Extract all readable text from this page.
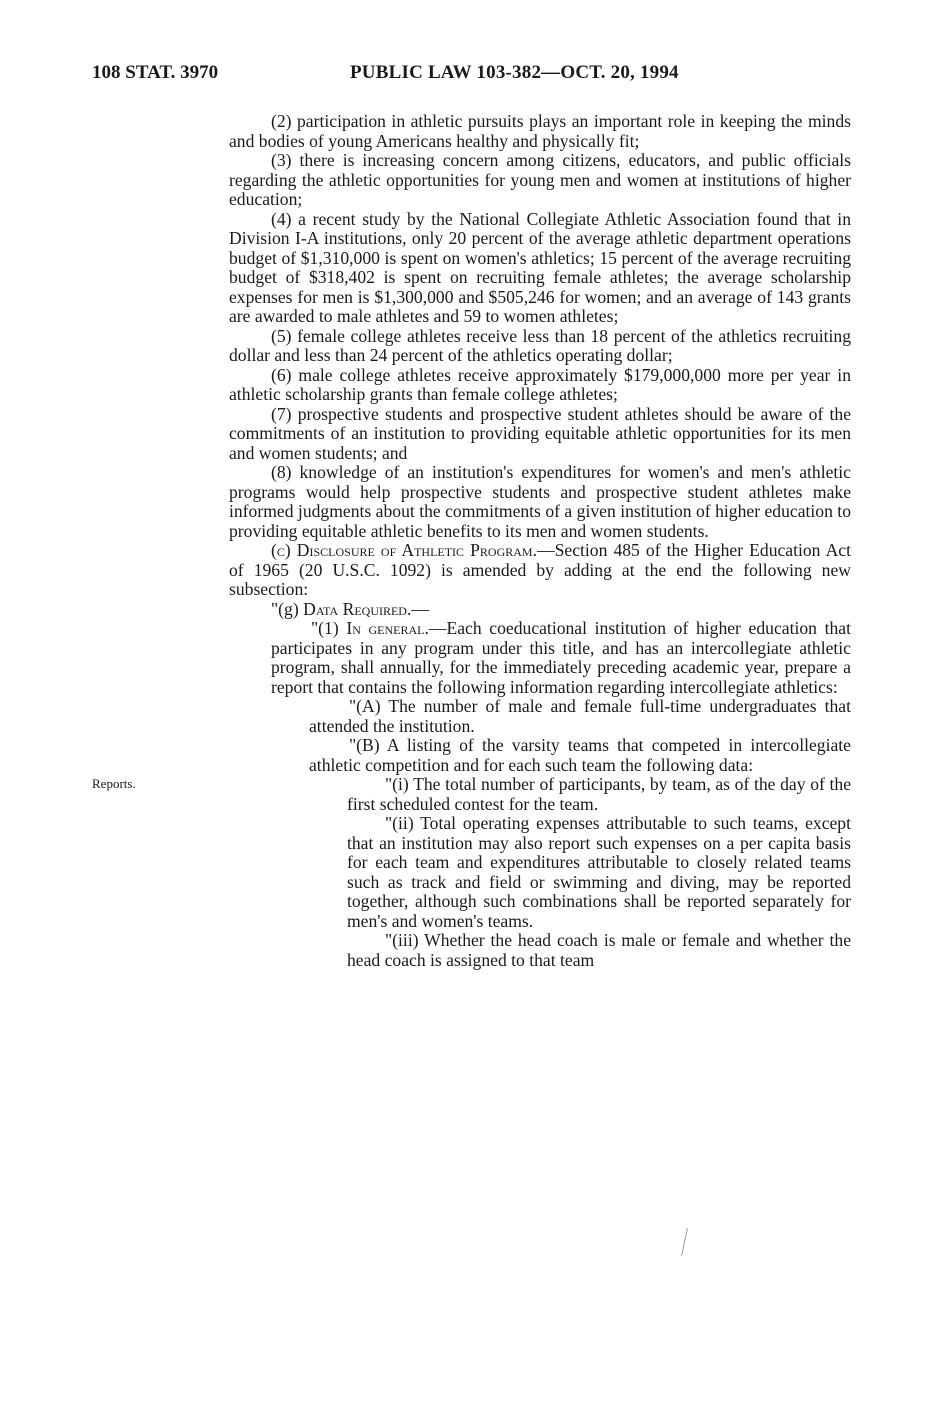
108 STAT. 3970	PUBLIC LAW 103-382—OCT. 20, 1994
Reports.

(2) participation in athletic pursuits plays an important role in keeping the minds and bodies of young Americans healthy and physically fit;

(3) there is increasing concern among citizens, educators, and public officials regarding the athletic opportunities for young men and women at institutions of higher education;

(4) a recent study by the National Collegiate Athletic Association found that in Division I-A institutions, only 20 percent of the average athletic department operations budget of $1,310,000 is spent on women's athletics; 15 percent of the average recruiting budget of $318,402 is spent on recruiting female athletes; the average scholarship expenses for men is $1,300,000 and $505,246 for women; and an average of 143 grants are awarded to male athletes and 59 to women athletes;

(5) female college athletes receive less than 18 percent of the athletics recruiting dollar and less than 24 percent of the athletics operating dollar;

(6) male college athletes receive approximately $179,000,000 more per year in athletic scholarship grants than female college athletes;

(7) prospective students and prospective student athletes should be aware of the commitments of an institution to providing equitable athletic opportunities for its men and women students; and

(8) knowledge of an institution's expenditures for women's and men's athletic programs would help prospective students and prospective student athletes make informed judgments about the commitments of a given institution of higher education to providing equitable athletic benefits to its men and women students.

(c) Disclosure of Athletic Program.—Section 485 of the Higher Education Act of 1965 (20 U.S.C. 1092) is amended by adding at the end the following new subsection:

"(g) Data Required.—

"(1) In general.—Each coeducational institution of higher education that participates in any program under this title, and has an intercollegiate athletic program, shall annually, for the immediately preceding academic year, prepare a report that contains the following information regarding intercollegiate athletics:

"(A) The number of male and female full-time undergraduates that attended the institution.

"(B) A listing of the varsity teams that competed in intercollegiate athletic competition and for each such team the following data:

"(i) The total number of participants, by team, as of the day of the first scheduled contest for the team.

"(ii) Total operating expenses attributable to such teams, except that an institution may also report such expenses on a per capita basis for each team and expenditures attributable to closely related teams such as track and field or swimming and diving, may be reported together, although such combinations shall be reported separately for men's and women's teams.

"(iii) Whether the head coach is male or female and whether the head coach is assigned to that team
